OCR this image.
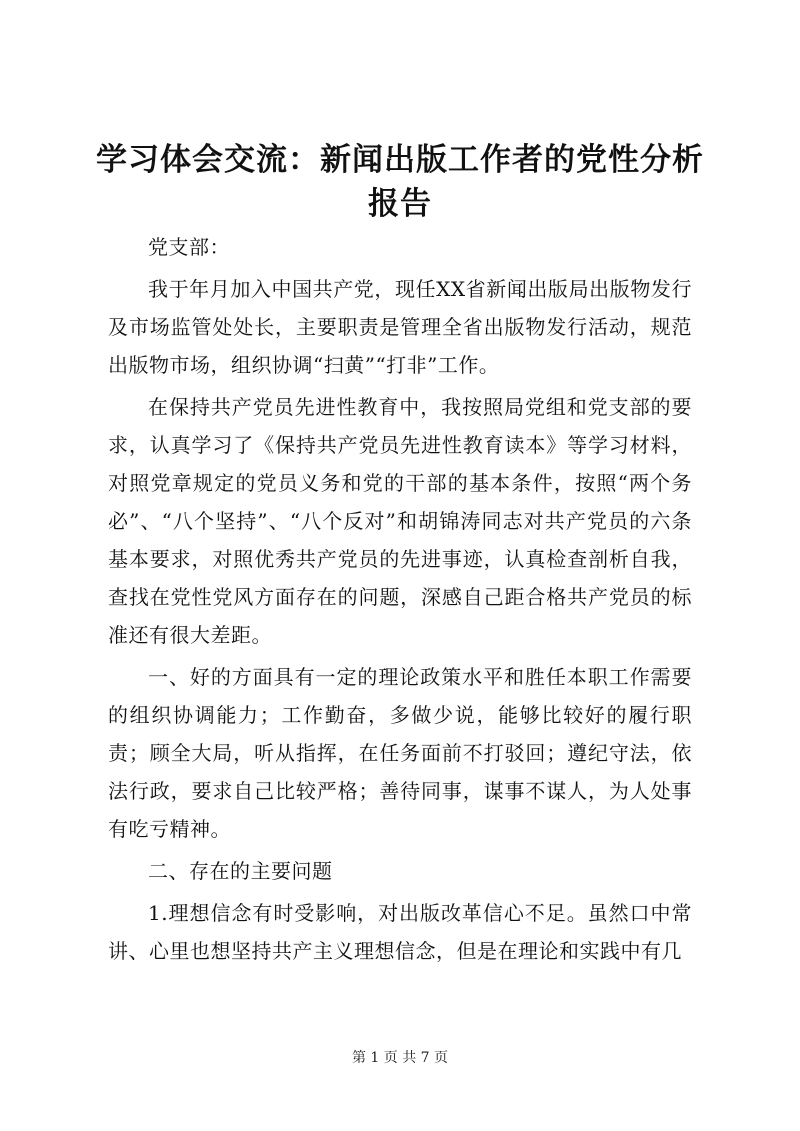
学习体会交流：新闻出版工作者的党性分析报告

党支部：

我于年月加入中国共产党，现任XX省新闻出版局出版物发行及市场监管处处长，主要职责是管理全省出版物发行活动，规范出版物市场，组织协调“扫黄”“打非”工作。

在保持共产党员先进性教育中，我按照局党组和党支部的要求，认真学习了《保持共产党员先进性教育读本》等学习材料，对照党章规定的党员义务和党的干部的基本条件，按照“两个务必”、“八个坚持”、“八个反对”和胡锦涛同志对共产党员的六条基本要求，对照优秀共产党员的先进事迹，认真检查剖析自我，查找在党性党风方面存在的问题，深感自己距合格共产党员的标准还有很大差距。

一、好的方面具有一定的理论政策水平和胜任本职工作需要的组织协调能力；工作勤奋，多做少说，能够比较好的履行职责；顾全大局，听从指挥，在任务面前不打驳回；遵纪守法，依法行政，要求自己比较严格；善待同事，谋事不谋人，为人处事有吃亏精神。

二、存在的主要问题

1.理想信念有时受影响，对出版改革信心不足。虽然口中常讲、心里也想坚持共产主义理想信念，但是在理论和实践中有几

第 1 页 共 7 页
